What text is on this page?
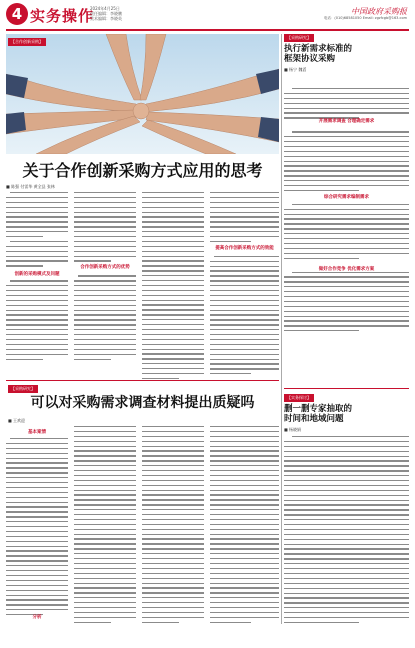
4 实务操作
2024年4月25日
责任编辑：李晓鹏
美术编辑：李晓英
中国政府采购报
电话：(010)68581050 Email: zgzfcgb@163.com
【合作创新采购】
关于合作创新采购方式应用的思考
■ 陈强 付雷华 黄全县 张林
创新的采购模式及问题
合作创新采购方式的优势
提高合作创新采购方式的效能
【采购研究】
执行新需求标准的
框架协议采购
■ 杨宁 魏滔
开展需求调查 合理确定需求
综合研究需求编制需求
做好合作竞争 优化需求方案
【采购研究】
可以对采购需求调查材料提出质疑吗
■ 王欢迎
基本案情
分析
【实务探讨】
删一删专家抽取的
时间和地域问题
■ 杨晓娟
